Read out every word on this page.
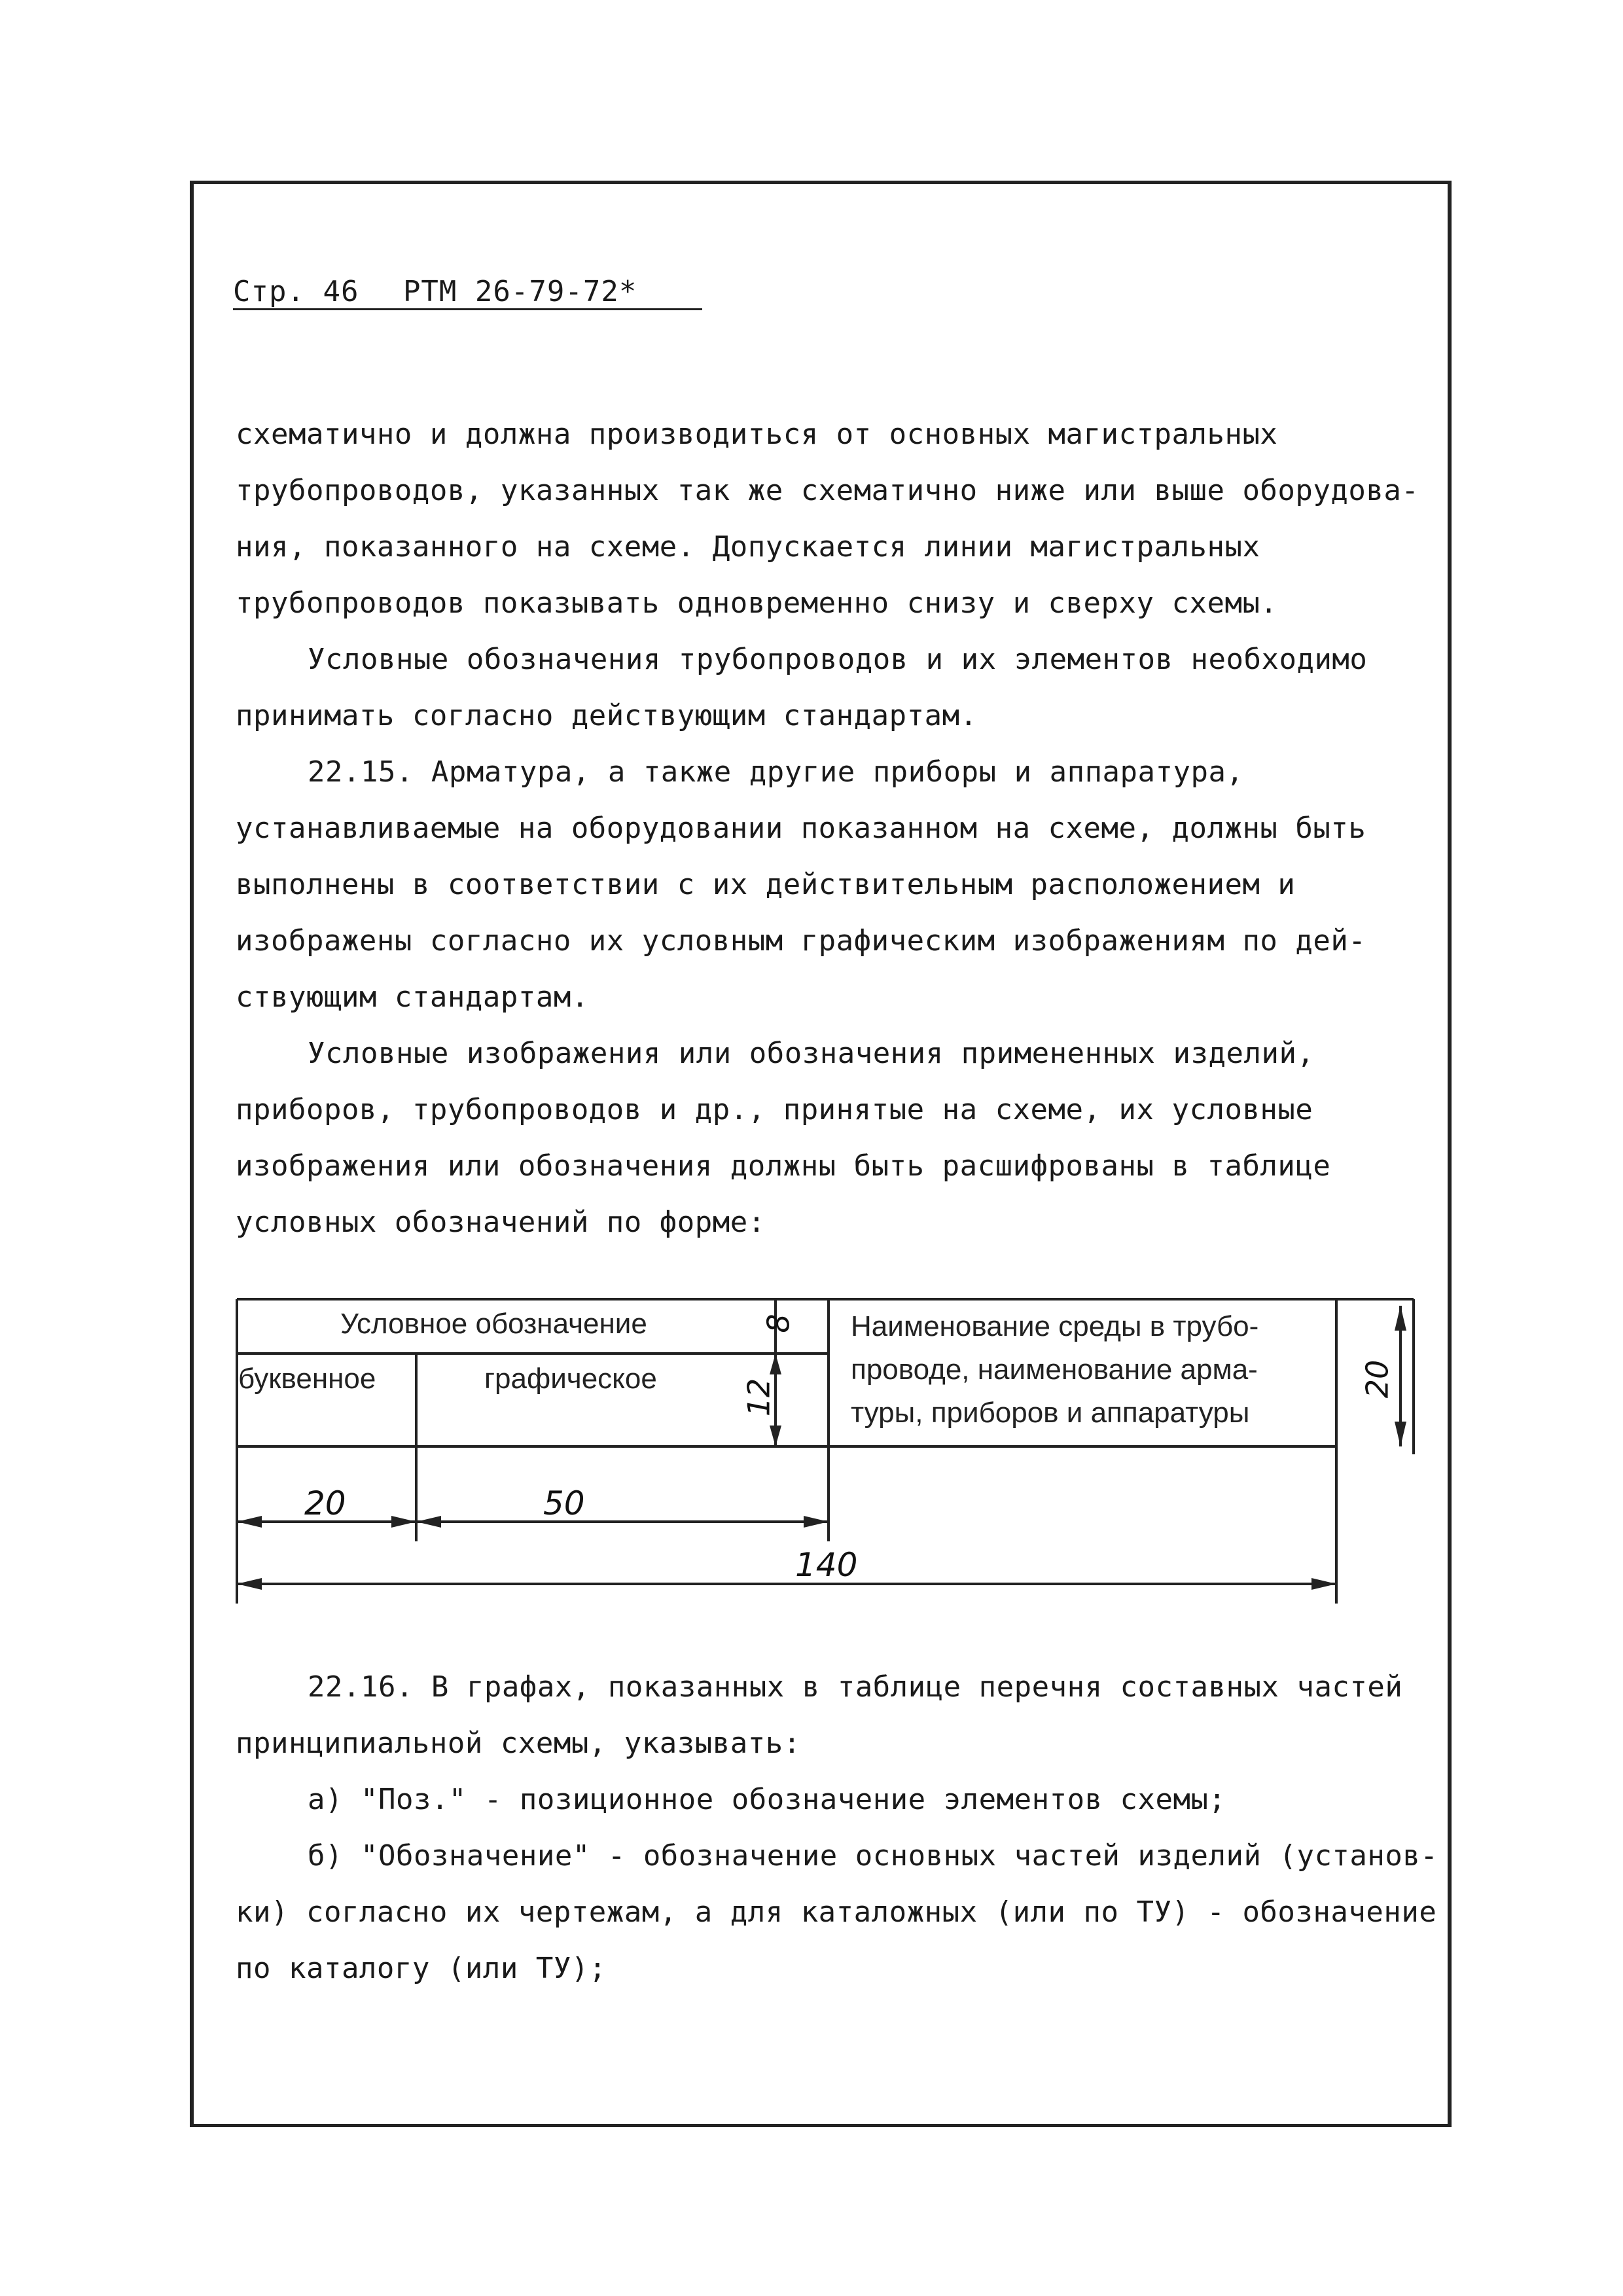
Стр. 46 РТМ 26-79-72*
схематично и должна производиться от основных магистральных
трубопроводов, указанных так же схематично ниже или выше оборудова-
ния, показанного на схеме. Допускается линии магистральных
трубопроводов показывать одновременно снизу и сверху схемы.
Условные обозначения трубопроводов и их элементов необходимо
принимать согласно действующим стандартам.
22.15. Арматура, а также другие приборы и аппаратура,
устанавливаемые на оборудовании показанном на схеме, должны быть
выполнены в соответствии с их действительным расположением и
изображены согласно их условным графическим изображениям по дей-
ствующим стандартам.
Условные изображения или обозначения примененных изделий,
приборов, трубопроводов и др., принятые на схеме, их условные
изображения или обозначения должны быть расшифрованы в таблице
условных обозначений по форме:
Условное обозначение
буквенное	графическое
Наименование среды в трубо-
проводе, наименование арма-
туры, приборов и аппаратуры
8
12	20
20	50
140
22.16. В графах, показанных в таблице перечня составных частей
принципиальной схемы, указывать:
а) "Поз." - позиционное обозначение элементов схемы;
б) "Обозначение" - обозначение основных частей изделий (установ-
ки) согласно их чертежам, а для каталожных (или по ТУ) - обозначение
по каталогу (или ТУ);
